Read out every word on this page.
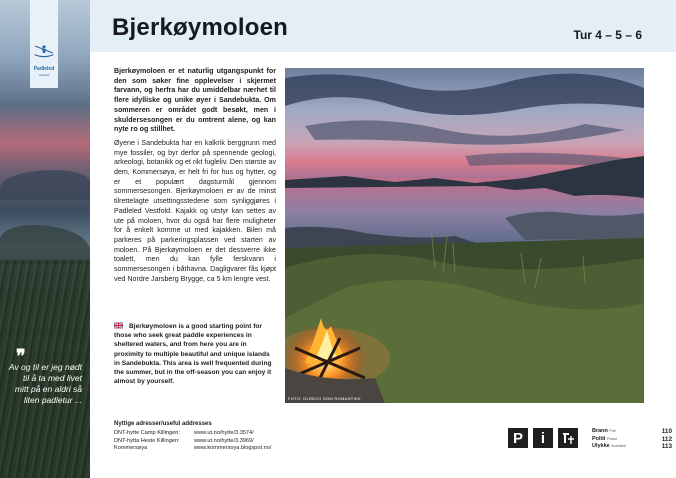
Padleled
Vestfold
❞
Av og til er jeg nødt til å ta med livet mitt på en aldri så liten padletur ...
Bjerkøymoloen	Tur 4 – 5 – 6

Bjerkøymoloen er et naturlig utgangspunkt for den som søker fine opplevelser i skjermet farvann, og herfra har du umiddelbar nærhet til flere idylliske og unike øyer i Sandebukta. Om sommeren er området godt besøkt, men i skuldersesongen er du omtrent alene, og kan nyte ro og stillhet.

Øyene i Sandebukta har en kalkrik berggrunn med mye fossiler, og byr derfor på spennende geologi, arkeologi, botanikk og et rikt fugleliv. Den største av dem, Kommersøya, er helt fri for hus og hytter, og er et populært dagsturmål gjennom sommersesongen. Bjerkøymoloen er av de minst tilrettelagte utsettingsstedene som synliggjøres i Padleled Vestfold. Kajakk og utstyr kan settes av ute på moloen, hvor du også har flere muligheter for å enkelt komme ut med kajakken. Bilen må parkeres på parkeringsplassen ved starten av moloen. På Bjerkøymoloen er det dessverre ikke toalett, men du kan fylle ferskvann i sommersesongen i båthavna. Dagligvarer fås kjøpt ved Nordre Jarsberg Brygge, ca 5 km lengre vest.

Bjerkøymoloen is a good starting point for those who seek great paddle experiences in sheltered waters, and from here you are in proximity to multiple beautiful and unique islands in Sandebukta. This area is well frequented during the summer, but in the off-season you can enjoy it almost by yourself.
FOTO: OLRECH SOM ROMANTIKK
Nyttige adresser/useful addresses
DNT-hytte Camp Killingen:	www.ut.no/hytte/3.3574/
DNT-hytta Heste Killingen:	www.ut.no/hytte/3.3969/
Kommersøya	www.kommersoya.blogspot.no/
P	i	Brann Fire	110
Politi Police	112
Ulykke Accident	113
